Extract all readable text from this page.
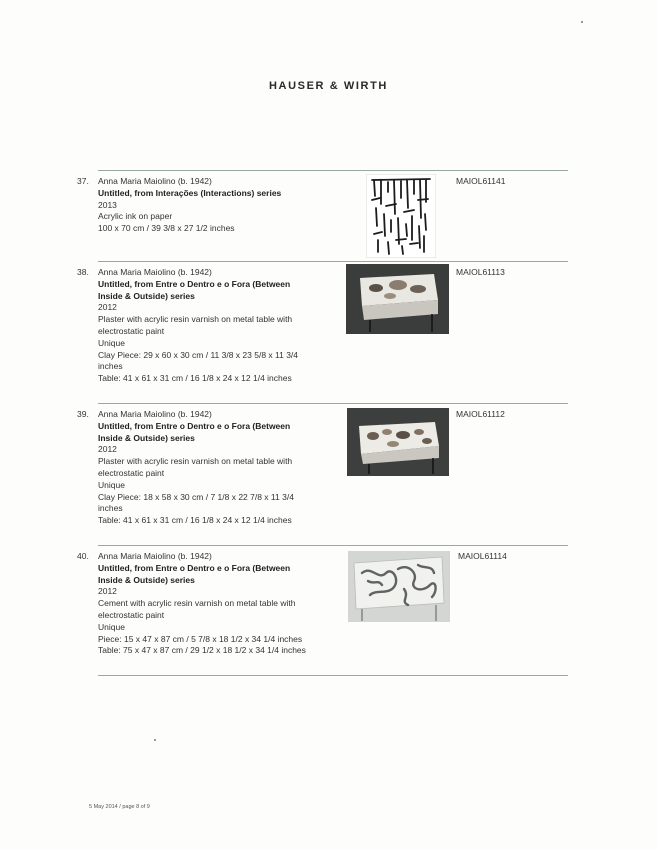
HAUSER & WIRTH
37. Anna Maria Maiolino (b. 1942)
Untitled, from Interações (Interactions) series
2013
Acrylic ink on paper
100 x 70 cm / 39 3/8 x 27 1/2 inches
MAIOL61141
38. Anna Maria Maiolino (b. 1942)
Untitled, from Entre o Dentro e o Fora (Between
Inside & Outside) series
2012
Plaster with acrylic resin varnish on metal table with
electrostatic paint
Unique
Clay Piece: 29 x 60 x 30 cm / 11 3/8 x 23 5/8 x 11 3/4
inches
Table: 41 x 61 x 31 cm / 16 1/8 x 24 x 12 1/4 inches
MAIOL61113
39. Anna Maria Maiolino (b. 1942)
Untitled, from Entre o Dentro e o Fora (Between
Inside & Outside) series
2012
Plaster with acrylic resin varnish on metal table with
electrostatic paint
Unique
Clay Piece: 18 x 58 x 30 cm / 7 1/8 x 22 7/8 x 11 3/4
inches
Table: 41 x 61 x 31 cm / 16 1/8 x 24 x 12 1/4 inches
MAIOL61112
40. Anna Maria Maiolino (b. 1942)
Untitled, from Entre o Dentro e o Fora (Between
Inside & Outside) series
2012
Cement with acrylic resin varnish on metal table with
electrostatic paint
Unique
Piece: 15 x 47 x 87 cm / 5 7/8 x 18 1/2 x 34 1/4 inches
Table: 75 x 47 x 87 cm / 29 1/2 x 18 1/2 x 34 1/4 inches
MAIOL61114
5 May 2014 / page 8 of 9
